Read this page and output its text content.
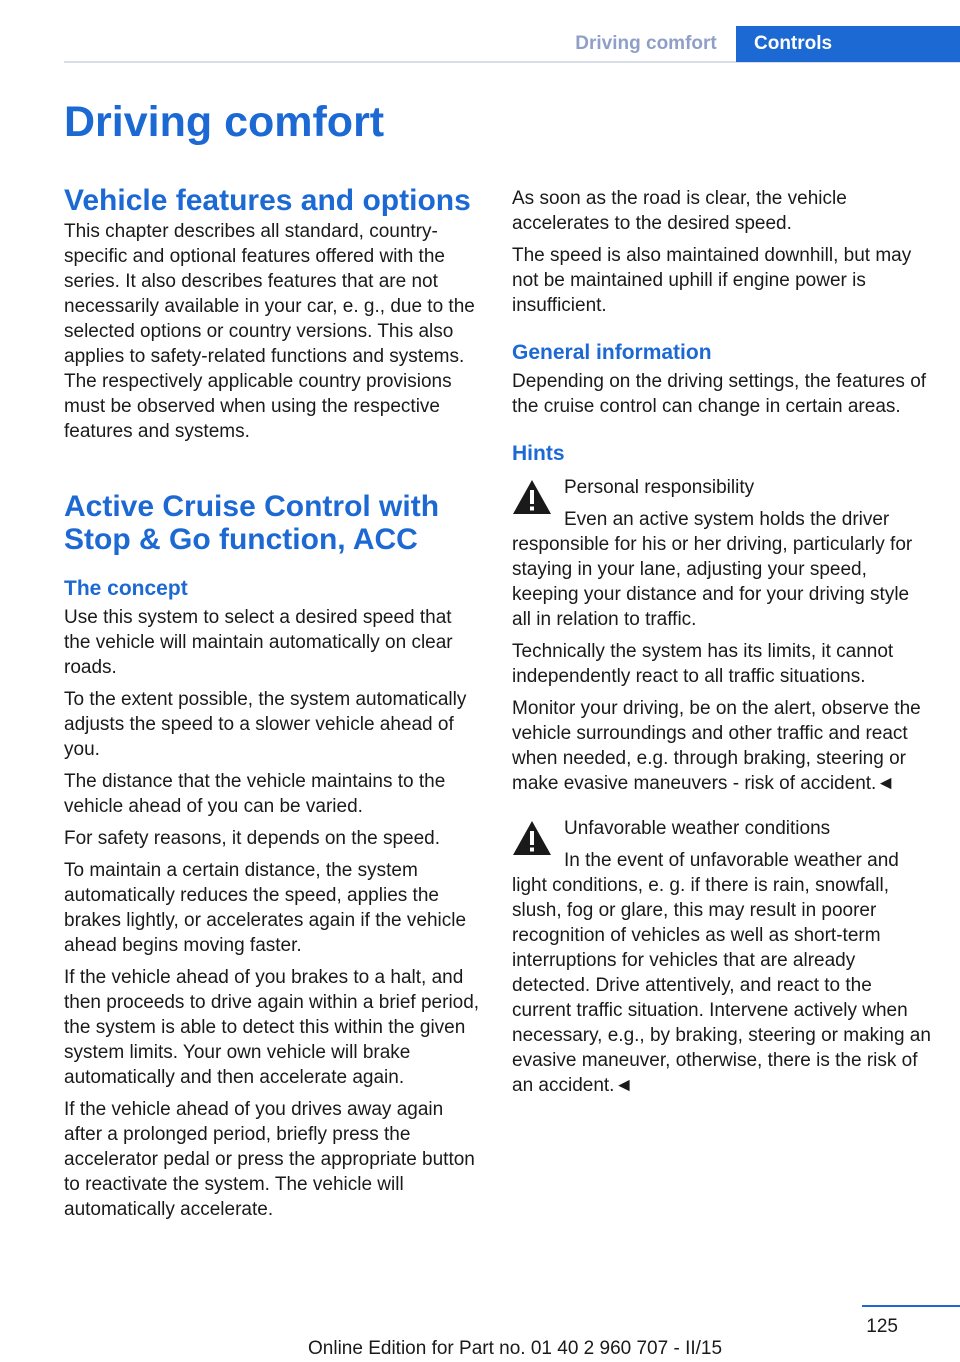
Driving comfort	Controls
Driving comfort
Vehicle features and options

This chapter describes all standard, country-specific and optional features offered with the series. It also describes features that are not necessarily available in your car, e. g., due to the selected options or country versions. This also applies to safety-related functions and systems. The respectively applicable country provisions must be observed when using the respective features and systems.

Active Cruise Control with
Stop & Go function, ACC
The concept

Use this system to select a desired speed that the vehicle will maintain automatically on clear roads.

To the extent possible, the system automatically adjusts the speed to a slower vehicle ahead of you.

The distance that the vehicle maintains to the vehicle ahead of you can be varied.

For safety reasons, it depends on the speed.

To maintain a certain distance, the system automatically reduces the speed, applies the brakes lightly, or accelerates again if the vehicle ahead begins moving faster.

If the vehicle ahead of you brakes to a halt, and then proceeds to drive again within a brief period, the system is able to detect this within the given system limits. Your own vehicle will brake automatically and then accelerate again.

If the vehicle ahead of you drives away again after a prolonged period, briefly press the accelerator pedal or press the appropriate button to reactivate the system. The vehicle will automatically accelerate.

As soon as the road is clear, the vehicle accelerates to the desired speed.

The speed is also maintained downhill, but may not be maintained uphill if engine power is insufficient.

General information

Depending on the driving settings, the features of the cruise control can change in certain areas.

Hints

Personal responsibility

Even an active system holds the driver responsible for his or her driving, particularly for staying in your lane, adjusting your speed, keeping your distance and for your driving style all in relation to traffic.

Technically the system has its limits, it cannot independently react to all traffic situations.

Monitor your driving, be on the alert, observe the vehicle surroundings and other traffic and react when needed, e.g. through braking, steering or make evasive maneuvers - risk of accident.◄

Unfavorable weather conditions

In the event of unfavorable weather and light conditions, e. g. if there is rain, snowfall, slush, fog or glare, this may result in poorer recognition of vehicles as well as short-term interruptions for vehicles that are already detected. Drive attentively, and react to the current traffic situation. Intervene actively when necessary, e.g., by braking, steering or making an evasive maneuver, otherwise, there is the risk of an accident.◄

125
Online Edition for Part no. 01 40 2 960 707 - II/15
